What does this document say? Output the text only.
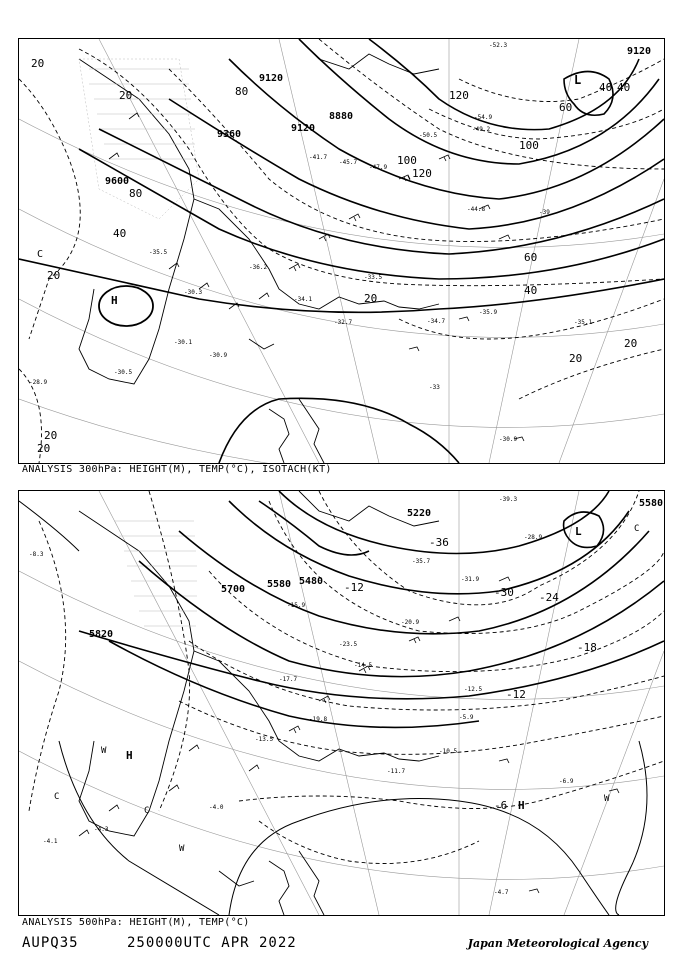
9120
9360
9120
8880
9600
9120
20
20
40
80
100
120
60
40
20
20
20
40
20
20
20
40
60
80
100
120
-35.5
-33
-36.2
-30.3
-34.1
-32.7	-34.7
-35.9
-35.1
-30.9
-28.9
-30.5
-30.1
-30.9
-33.5
-41.7
-45.7
-47.9
-50.5
-52.3
-54.9
-49.2
-44.8	-39
H
L
C
ANALYSIS 300hPa: HEIGHT(M), TEMP(°C), ISOTACH(KT)
5700 5580 5480
5220
5820
5580
-30 -24
-18
-12
-6
-36
-12
-8.3
-6.9
-11.7
-12.5
-10.5
-4.7
-4.0
-4.1
-4.3
-5.9
-39.3
-31.9
-35.7
-28.9
-14.5
-15.9
-17.7
-20.9
-23.5
-19.8
-13.5
H
H
L
W
W
W
C
C
C
ANALYSIS 500hPa: HEIGHT(M), TEMP(°C)
AUPQ35	250000UTC APR 2022	Japan Meteorological Agency
